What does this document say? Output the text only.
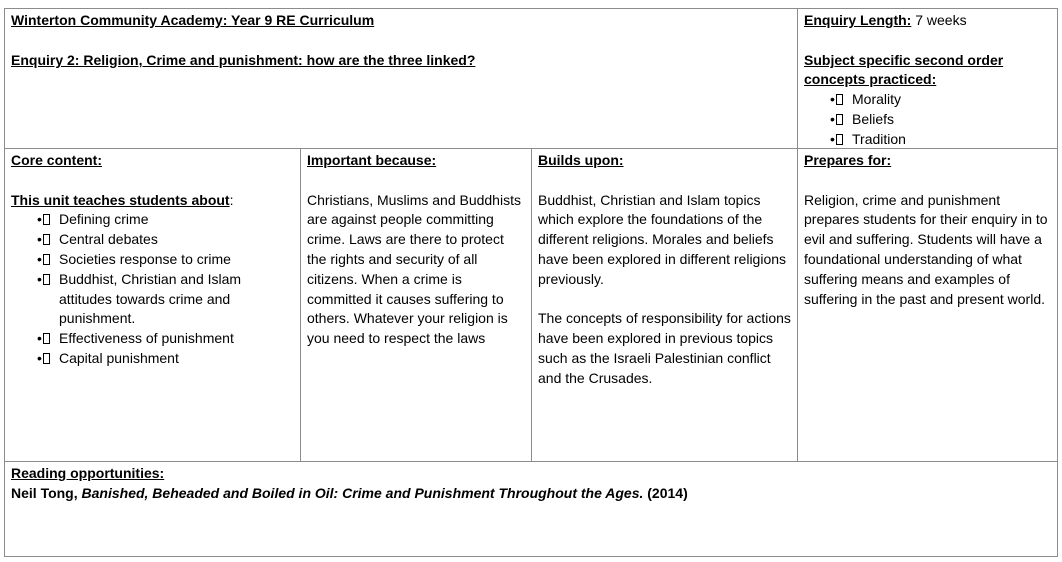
Winterton Community Academy: Year 9 RE Curriculum
Enquiry 2: Religion, Crime and punishment: how are the three linked?
Enquiry Length: 7 weeks
Subject specific second order concepts practiced:
•	Morality
•	Beliefs
•	Tradition
Core content:
This unit teaches students about:
•	Defining crime
•	Central debates
•	Societies response to crime
•	Buddhist, Christian and Islam attitudes towards crime and punishment.
•	Effectiveness of punishment
•	Capital punishment
Important because:

Christians, Muslims and Buddhists are against people committing crime. Laws are there to protect the rights and security of all citizens. When a crime is committed it causes suffering to others. Whatever your religion is you need to respect the laws

Builds upon:

Buddhist, Christian and Islam topics which explore the foundations of the different religions. Morales and beliefs have been explored in different religions previously.

The concepts of responsibility for actions have been explored in previous topics such as the Israeli Palestinian conflict and the Crusades.

Prepares for:

Religion, crime and punishment prepares students for their enquiry in to evil and suffering. Students will have a foundational understanding of what suffering means and examples of suffering in the past and present world.

Reading opportunities:
Neil Tong, Banished, Beheaded and Boiled in Oil: Crime and Punishment Throughout the Ages. (2014)
